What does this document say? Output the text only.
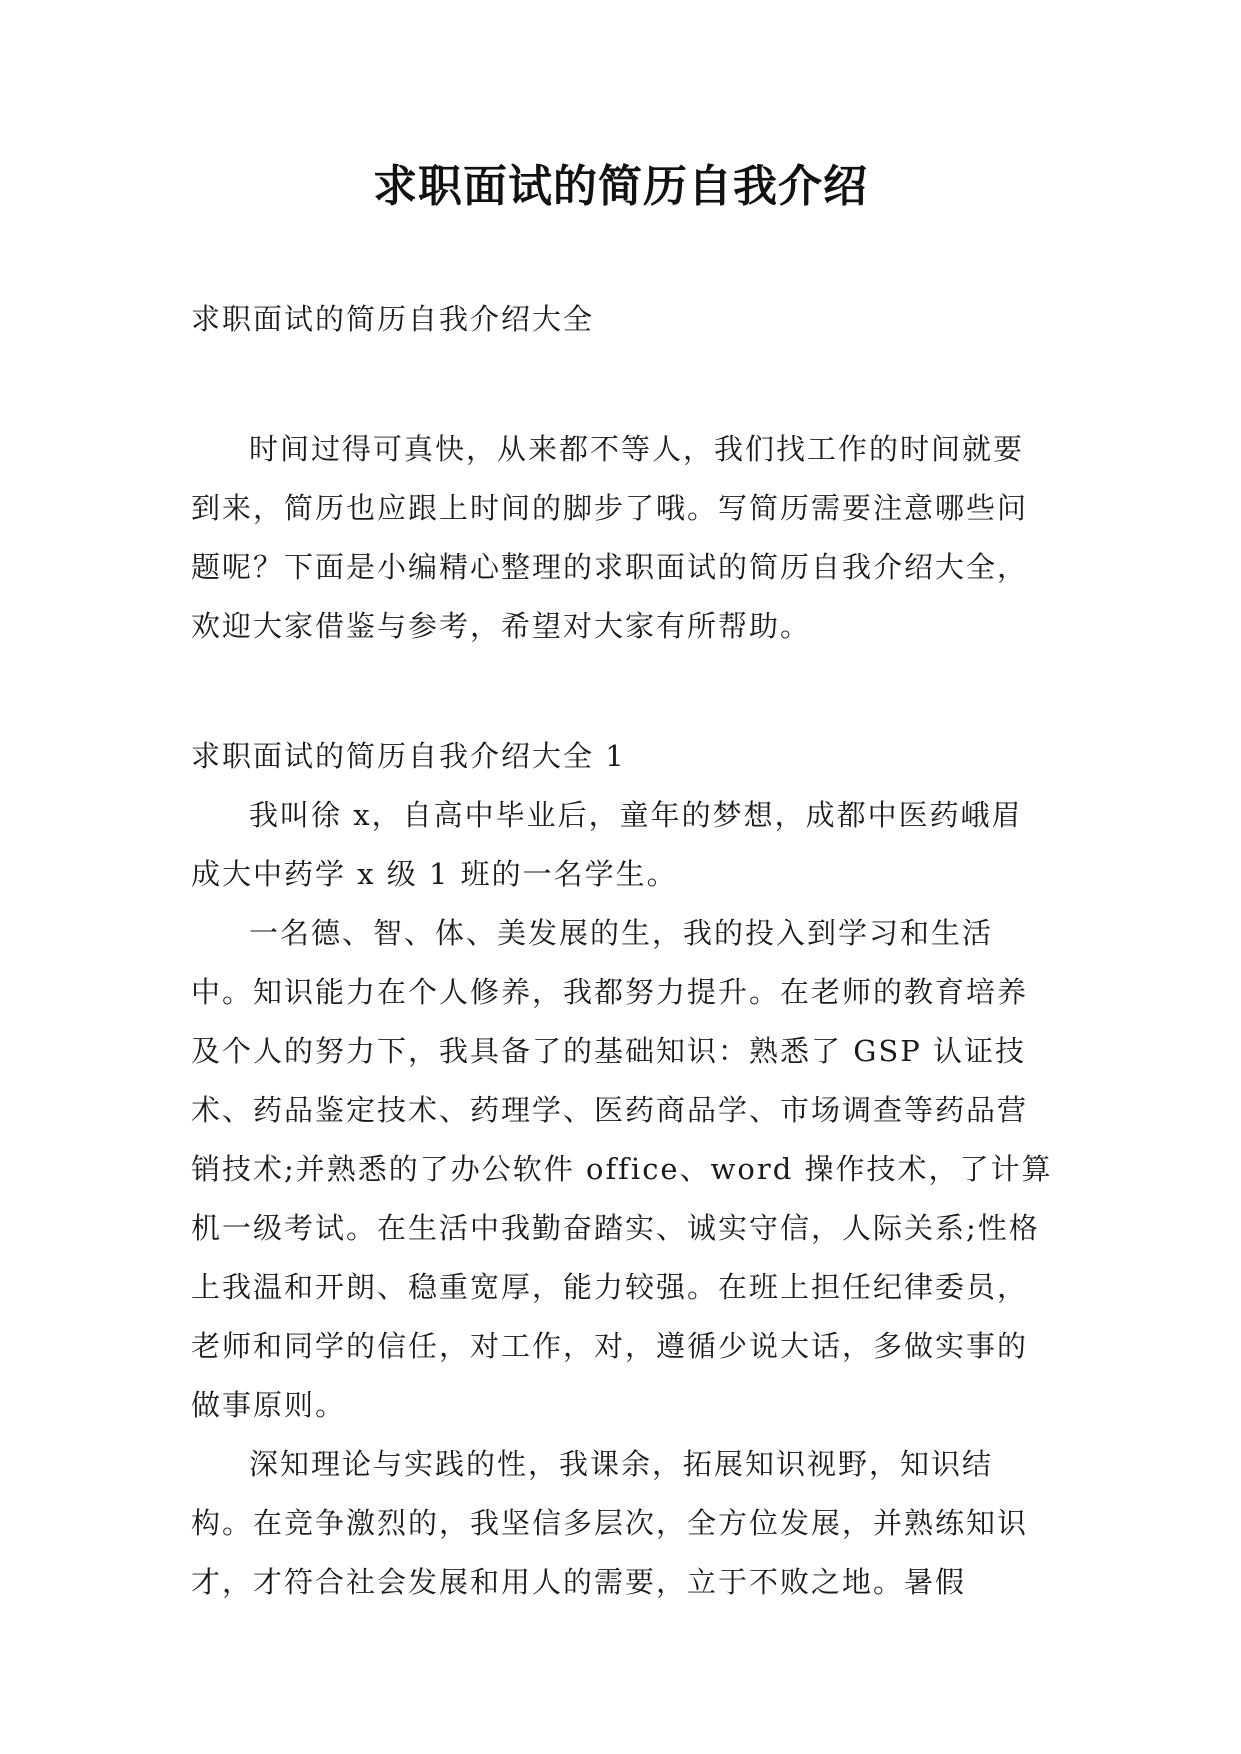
求职面试的简历自我介绍

求职面试的简历自我介绍大全

时间过得可真快，从来都不等人，我们找工作的时间就要到来，简历也应跟上时间的脚步了哦。写简历需要注意哪些问题呢？下面是小编精心整理的求职面试的简历自我介绍大全，欢迎大家借鉴与参考，希望对大家有所帮助。

求职面试的简历自我介绍大全 1

我叫徐 x，自高中毕业后，童年的梦想，成都中医药峨眉成大中药学 x 级 1 班的一名学生。

一名德、智、体、美发展的生，我的投入到学习和生活中。知识能力在个人修养，我都努力提升。在老师的教育培养及个人的努力下，我具备了的基础知识：熟悉了 GSP 认证技术、药品鉴定技术、药理学、医药商品学、市场调查等药品营销技术;并熟悉的了办公软件 office、word 操作技术，了计算机一级考试。在生活中我勤奋踏实、诚实守信，人际关系;性格上我温和开朗、稳重宽厚，能力较强。在班上担任纪律委员，老师和同学的信任，对工作，对，遵循少说大话，多做实事的做事原则。

深知理论与实践的性，我课余，拓展知识视野，知识结构。在竞争激烈的，我坚信多层次，全方位发展，并熟练知识才，才符合社会发展和用人的需要，立于不败之地。暑假
